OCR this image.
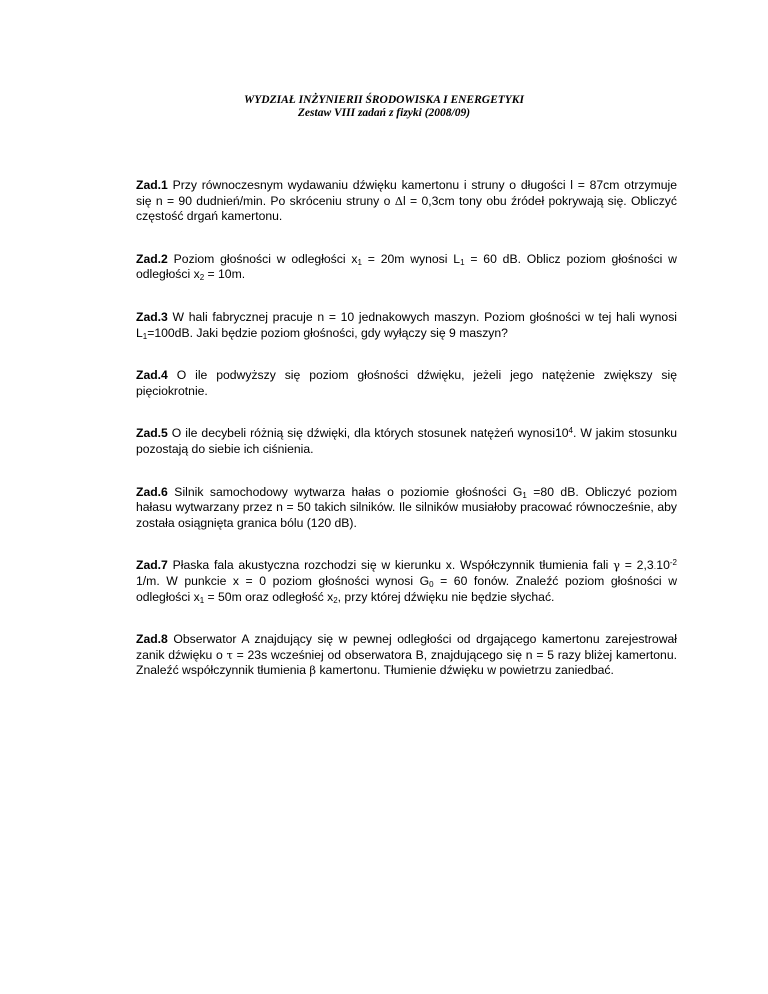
WYDZIAŁ INŻYNIERII ŚRODOWISKA I ENERGETYKI
Zestaw VIII zadań z fizyki (2008/09)

Zad.1 Przy równoczesnym wydawaniu dźwięku kamertonu i struny o długości l = 87cm otrzymuje się n = 90 dudnień/min. Po skróceniu struny o Δl = 0,3cm tony obu źródeł pokrywają się. Obliczyć częstość drgań kamertonu.

Zad.2 Poziom głośności w odległości $x_1 = 20m$ wynosi $L_1 = 60$ dB. Oblicz poziom głośności w odległości $x_2 = 10m$.

Zad.3 W hali fabrycznej pracuje n = 10 jednakowych maszyn. Poziom głośności w tej hali wynosi $L_1=100dB$. Jaki będzie poziom głośności, gdy wyłączy się 9 maszyn?

Zad.4 O ile podwyższy się poziom głośności dźwięku, jeżeli jego natężenie zwiększy się pięciokrotnie.

Zad.5 O ile decybeli różnią się dźwięki, dla których stosunek natężeń $wynosi10^4$. W jakim stosunku pozostają do siebie ich ciśnienia.

Zad.6 Silnik samochodowy wytwarza hałas o poziomie głośności $G_1 =80$ dB. Obliczyć poziom hałasu wytwarzany przez n = 50 takich silników. Ile silników musiałoby pracować równocześnie, aby została osiągnięta granica bólu (120 dB).

Zad.7 Płaska fala akustyczna rozchodzi się w kierunku x. Współczynnik tłumienia fali $\gamma = 2,3_\cdot 10^{-2}$ 1/m. W punkcie x = 0 poziom głośności wynosi $G_0 = 60$ fonów. Znaleźć poziom głośności w odległości $x_1 = 50m$ oraz odległość $x_2$, przy której dźwięku nie będzie słychać.

Zad.8 Obserwator A znajdujący się w pewnej odległości od drgającego kamertonu zarejestrował zanik dźwięku o τ = 23s wcześniej od obserwatora B, znajdującego się n = 5 razy bliżej kamertonu. Znaleźć współczynnik tłumienia β kamertonu. Tłumienie dźwięku w powietrzu zaniedbać.
